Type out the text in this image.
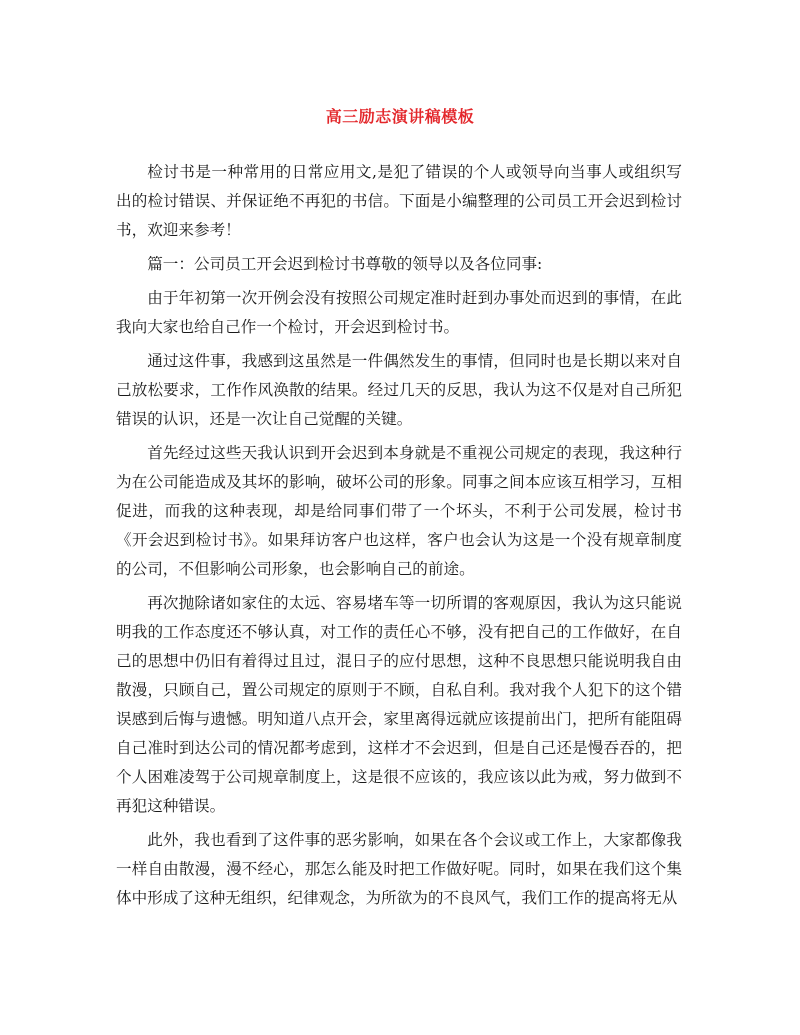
高三励志演讲稿模板

检讨书是一种常用的日常应用文,是犯了错误的个人或领导向当事人或组织写出的检讨错误、并保证绝不再犯的书信。下面是小编整理的公司员工开会迟到检讨书，欢迎来参考！

篇一：公司员工开会迟到检讨书尊敬的领导以及各位同事:

由于年初第一次开例会没有按照公司规定准时赶到办事处而迟到的事情，在此我向大家也给自己作一个检讨，开会迟到检讨书。

通过这件事，我感到这虽然是一件偶然发生的事情，但同时也是长期以来对自己放松要求，工作作风涣散的结果。经过几天的反思，我认为这不仅是对自己所犯错误的认识，还是一次让自己觉醒的关键。

首先经过这些天我认识到开会迟到本身就是不重视公司规定的表现，我这种行为在公司能造成及其坏的影响，破坏公司的形象。同事之间本应该互相学习，互相促进，而我的这种表现，却是给同事们带了一个坏头，不利于公司发展，检讨书《开会迟到检讨书》。如果拜访客户也这样，客户也会认为这是一个没有规章制度的公司，不但影响公司形象，也会影响自己的前途。

再次抛除诸如家住的太远、容易堵车等一切所谓的客观原因，我认为这只能说明我的工作态度还不够认真，对工作的责任心不够，没有把自己的工作做好，在自己的思想中仍旧有着得过且过，混日子的应付思想，这种不良思想只能说明我自由散漫，只顾自己，置公司规定的原则于不顾，自私自利。我对我个人犯下的这个错误感到后悔与遗憾。明知道八点开会，家里离得远就应该提前出门，把所有能阻碍自己准时到达公司的情况都考虑到，这样才不会迟到，但是自己还是慢吞吞的，把个人困难凌驾于公司规章制度上，这是很不应该的，我应该以此为戒，努力做到不再犯这种错误。

此外，我也看到了这件事的恶劣影响，如果在各个会议或工作上，大家都像我一样自由散漫，漫不经心，那怎么能及时把工作做好呢。同时，如果在我们这个集体中形成了这种无组织，纪律观念，为所欲为的不良风气，我们工作的提高将无从
